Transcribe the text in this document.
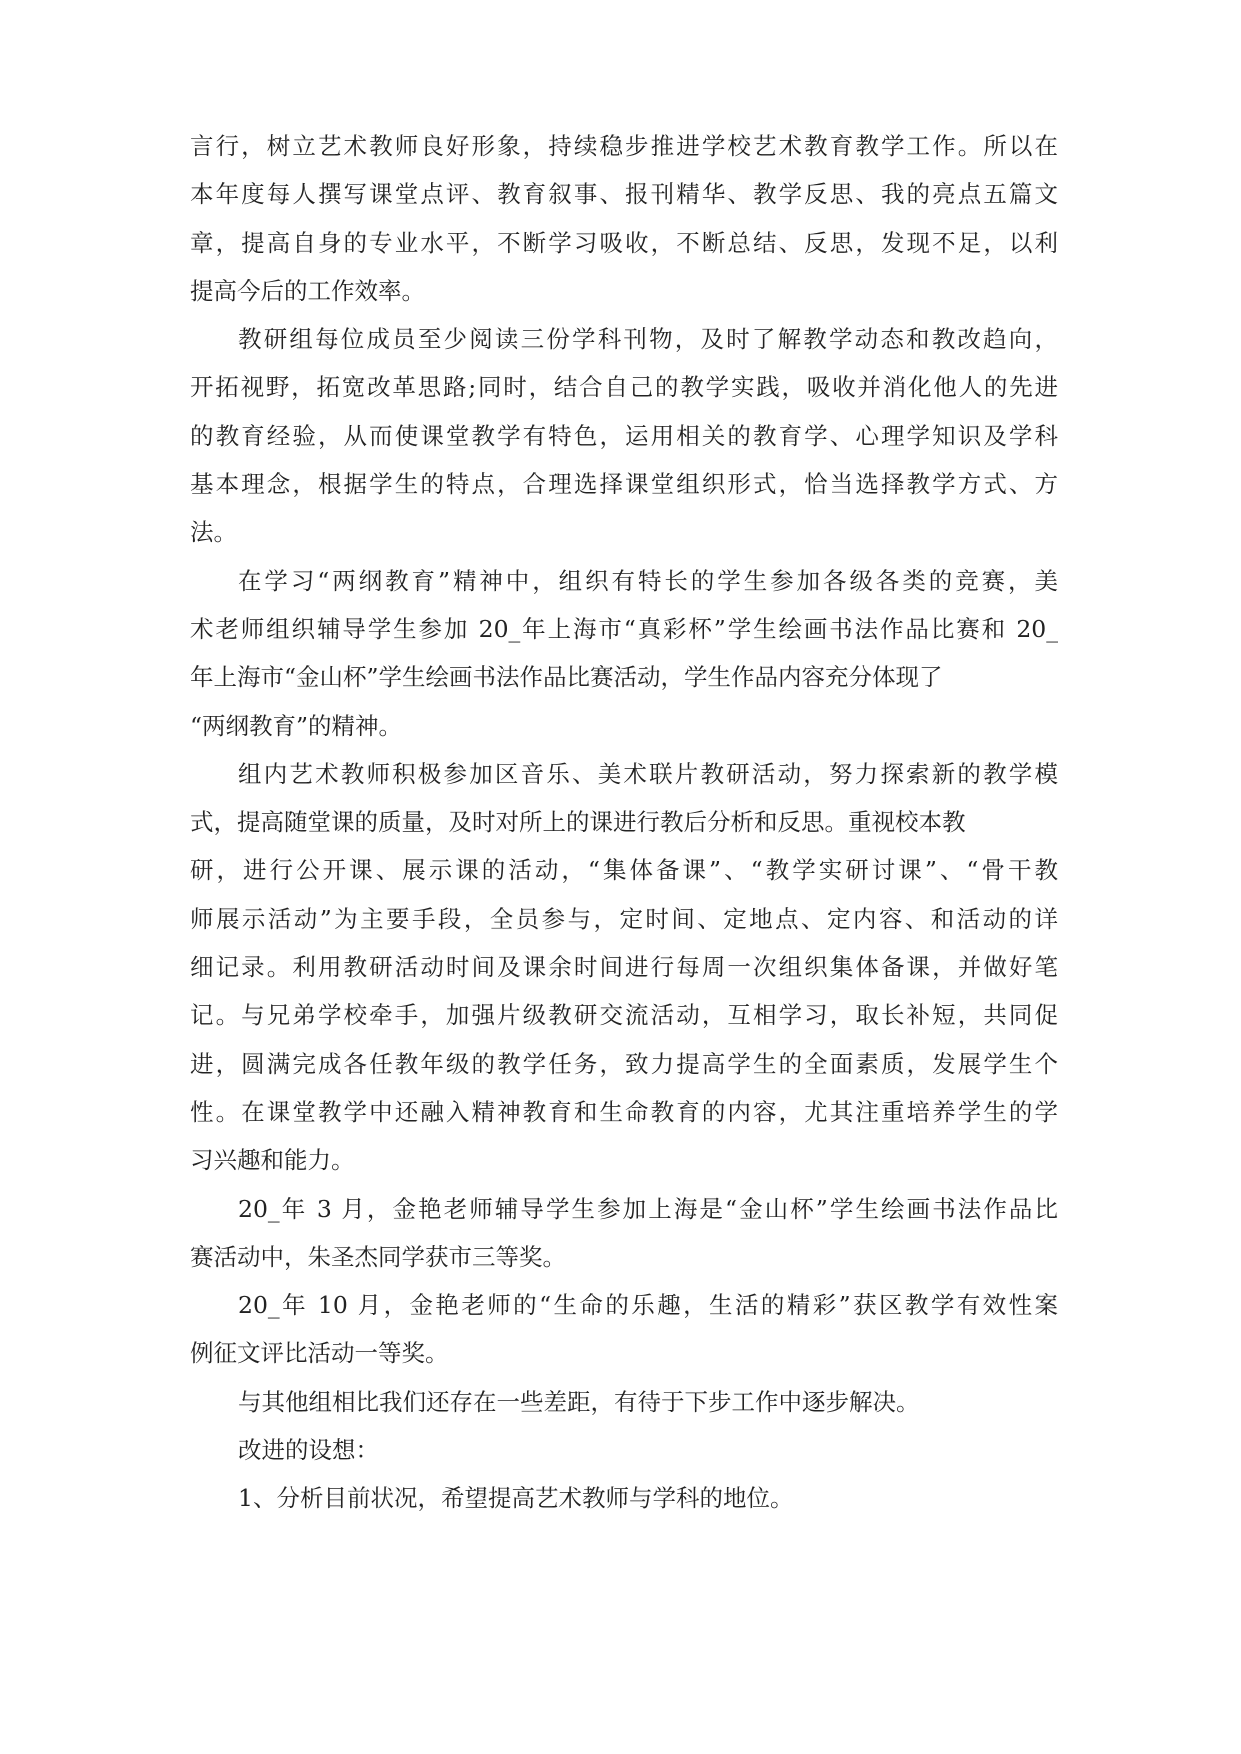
言行，树立艺术教师良好形象，持续稳步推进学校艺术教育教学工作。所以在
本年度每人撰写课堂点评、教育叙事、报刊精华、教学反思、我的亮点五篇文
章，提高自身的专业水平，不断学习吸收，不断总结、反思，发现不足，以利
提高今后的工作效率。
教研组每位成员至少阅读三份学科刊物，及时了解教学动态和教改趋向，
开拓视野，拓宽改革思路;同时，结合自己的教学实践，吸收并消化他人的先进
的教育经验，从而使课堂教学有特色，运用相关的教育学、心理学知识及学科
基本理念，根据学生的特点，合理选择课堂组织形式，恰当选择教学方式、方
法。
在学习“两纲教育”精神中，组织有特长的学生参加各级各类的竞赛，美
术老师组织辅导学生参加 20_年上海市“真彩杯”学生绘画书法作品比赛和 20_
年上海市“金山杯”学生绘画书法作品比赛活动，学生作品内容充分体现了
“两纲教育”的精神。
组内艺术教师积极参加区音乐、美术联片教研活动，努力探索新的教学模
式，提高随堂课的质量，及时对所上的课进行教后分析和反思。重视校本教
研，进行公开课、展示课的活动，“集体备课”、“教学实研讨课”、“骨干教
师展示活动”为主要手段，全员参与，定时间、定地点、定内容、和活动的详
细记录。利用教研活动时间及课余时间进行每周一次组织集体备课，并做好笔
记。与兄弟学校牵手，加强片级教研交流活动，互相学习，取长补短，共同促
进，圆满完成各任教年级的教学任务，致力提高学生的全面素质，发展学生个
性。在课堂教学中还融入精神教育和生命教育的内容，尤其注重培养学生的学
习兴趣和能力。
20_年 3 月，金艳老师辅导学生参加上海是“金山杯”学生绘画书法作品比
赛活动中，朱圣杰同学获市三等奖。
20_年 10 月，金艳老师的“生命的乐趣，生活的精彩”获区教学有效性案
例征文评比活动一等奖。
与其他组相比我们还存在一些差距，有待于下步工作中逐步解决。
改进的设想：
1、分析目前状况，希望提高艺术教师与学科的地位。
